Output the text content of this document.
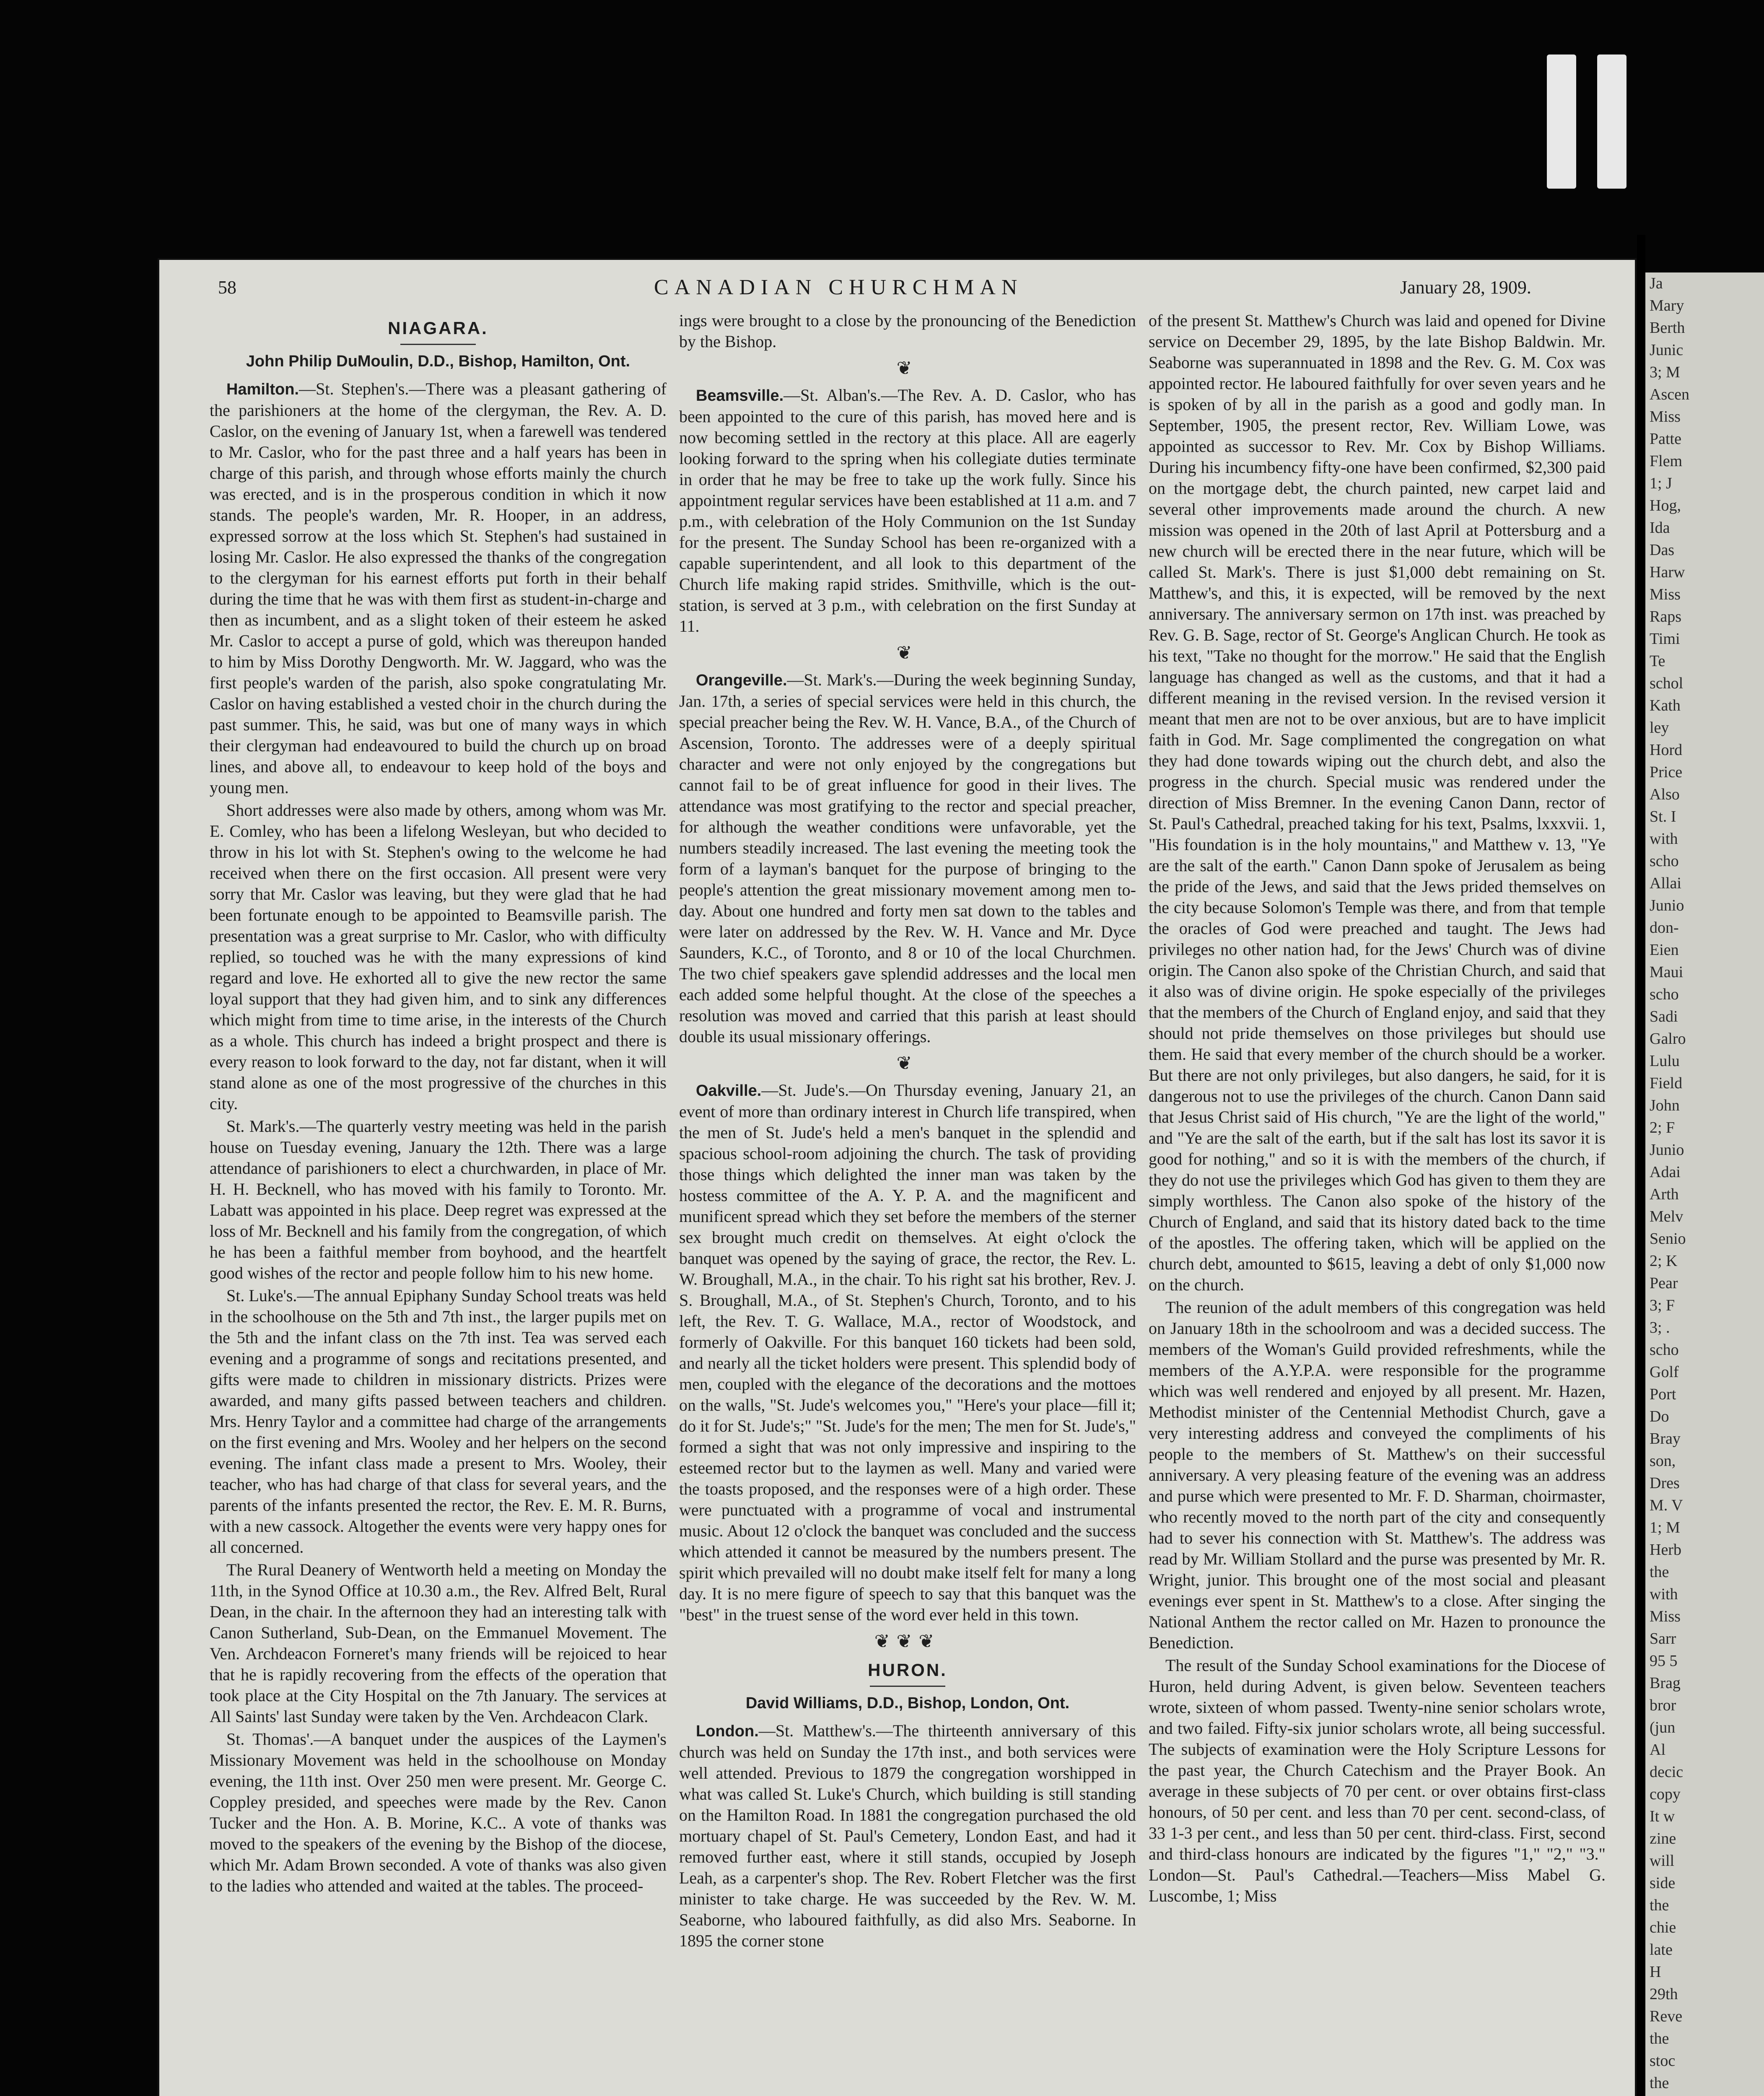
58	CANADIAN CHURCHMAN	January 28, 1909.

NIAGARA.

John Philip DuMoulin, D.D., Bishop, Hamilton, Ont.

Hamilton.—St. Stephen's.—There was a pleasant gathering of the parishioners at the home of the clergyman, the Rev. A. D. Caslor, on the evening of January 1st, when a farewell was tendered to Mr. Caslor, who for the past three and a half years has been in charge of this parish, and through whose efforts mainly the church was erected, and is in the prosperous condition in which it now stands. The people's warden, Mr. R. Hooper, in an address, expressed sorrow at the loss which St. Stephen's had sustained in losing Mr. Caslor. He also expressed the thanks of the congregation to the clergyman for his earnest efforts put forth in their behalf during the time that he was with them first as student-in-charge and then as incumbent, and as a slight token of their esteem he asked Mr. Caslor to accept a purse of gold, which was thereupon handed to him by Miss Dorothy Dengworth. Mr. W. Jaggard, who was the first people's warden of the parish, also spoke congratulating Mr. Caslor on having established a vested choir in the church during the past summer. This, he said, was but one of many ways in which their clergyman had endeavoured to build the church up on broad lines, and above all, to endeavour to keep hold of the boys and young men.

Short addresses were also made by others, among whom was Mr. E. Comley, who has been a lifelong Wesleyan, but who decided to throw in his lot with St. Stephen's owing to the welcome he had received when there on the first occasion. All present were very sorry that Mr. Caslor was leaving, but they were glad that he had been fortunate enough to be appointed to Beamsville parish. The presentation was a great surprise to Mr. Caslor, who with difficulty replied, so touched was he with the many expressions of kind regard and love. He exhorted all to give the new rector the same loyal support that they had given him, and to sink any differences which might from time to time arise, in the interests of the Church as a whole. This church has indeed a bright prospect and there is every reason to look forward to the day, not far distant, when it will stand alone as one of the most progressive of the churches in this city.

St. Mark's.—The quarterly vestry meeting was held in the parish house on Tuesday evening, January the 12th. There was a large attendance of parishioners to elect a churchwarden, in place of Mr. H. H. Becknell, who has moved with his family to Toronto. Mr. Labatt was appointed in his place. Deep regret was expressed at the loss of Mr. Becknell and his family from the congregation, of which he has been a faithful member from boyhood, and the heartfelt good wishes of the rector and people follow him to his new home.

St. Luke's.—The annual Epiphany Sunday School treats was held in the schoolhouse on the 5th and 7th inst., the larger pupils met on the 5th and the infant class on the 7th inst. Tea was served each evening and a programme of songs and recitations presented, and gifts were made to children in missionary districts. Prizes were awarded, and many gifts passed between teachers and children. Mrs. Henry Taylor and a committee had charge of the arrangements on the first evening and Mrs. Wooley and her helpers on the second evening. The infant class made a present to Mrs. Wooley, their teacher, who has had charge of that class for several years, and the parents of the infants presented the rector, the Rev. E. M. R. Burns, with a new cassock. Altogether the events were very happy ones for all concerned.

The Rural Deanery of Wentworth held a meeting on Monday the 11th, in the Synod Office at 10.30 a.m., the Rev. Alfred Belt, Rural Dean, in the chair. In the afternoon they had an interesting talk with Canon Sutherland, Sub-Dean, on the Emmanuel Movement. The Ven. Archdeacon Forneret's many friends will be rejoiced to hear that he is rapidly recovering from the effects of the operation that took place at the City Hospital on the 7th January. The services at All Saints' last Sunday were taken by the Ven. Archdeacon Clark.

St. Thomas'.—A banquet under the auspices of the Laymen's Missionary Movement was held in the schoolhouse on Monday evening, the 11th inst. Over 250 men were present. Mr. George C. Coppley presided, and speeches were made by the Rev. Canon Tucker and the Hon. A. B. Morine, K.C.. A vote of thanks was moved to the speakers of the evening by the Bishop of the diocese, which Mr. Adam Brown seconded. A vote of thanks was also given to the ladies who attended and waited at the tables. The proceed-

ings were brought to a close by the pronouncing of the Benediction by the Bishop.

❦

Beamsville.—St. Alban's.—The Rev. A. D. Caslor, who has been appointed to the cure of this parish, has moved here and is now becoming settled in the rectory at this place. All are eagerly looking forward to the spring when his collegiate duties terminate in order that he may be free to take up the work fully. Since his appointment regular services have been established at 11 a.m. and 7 p.m., with celebration of the Holy Communion on the 1st Sunday for the present. The Sunday School has been re-organized with a capable superintendent, and all look to this department of the Church life making rapid strides. Smithville, which is the out-station, is served at 3 p.m., with celebration on the first Sunday at 11.

❦

Orangeville.—St. Mark's.—During the week beginning Sunday, Jan. 17th, a series of special services were held in this church, the special preacher being the Rev. W. H. Vance, B.A., of the Church of Ascension, Toronto. The addresses were of a deeply spiritual character and were not only enjoyed by the congregations but cannot fail to be of great influence for good in their lives. The attendance was most gratifying to the rector and special preacher, for although the weather conditions were unfavorable, yet the numbers steadily increased. The last evening the meeting took the form of a layman's banquet for the purpose of bringing to the people's attention the great missionary movement among men to-day. About one hundred and forty men sat down to the tables and were later on addressed by the Rev. W. H. Vance and Mr. Dyce Saunders, K.C., of Toronto, and 8 or 10 of the local Churchmen. The two chief speakers gave splendid addresses and the local men each added some helpful thought. At the close of the speeches a resolution was moved and carried that this parish at least should double its usual missionary offerings.

❦

Oakville.—St. Jude's.—On Thursday evening, January 21, an event of more than ordinary interest in Church life transpired, when the men of St. Jude's held a men's banquet in the splendid and spacious school-room adjoining the church. The task of providing those things which delighted the inner man was taken by the hostess committee of the A. Y. P. A. and the magnificent and munificent spread which they set before the members of the sterner sex brought much credit on themselves. At eight o'clock the banquet was opened by the saying of grace, the rector, the Rev. L. W. Broughall, M.A., in the chair. To his right sat his brother, Rev. J. S. Broughall, M.A., of St. Stephen's Church, Toronto, and to his left, the Rev. T. G. Wallace, M.A., rector of Woodstock, and formerly of Oakville. For this banquet 160 tickets had been sold, and nearly all the ticket holders were present. This splendid body of men, coupled with the elegance of the decorations and the mottoes on the walls, "St. Jude's welcomes you," "Here's your place—fill it; do it for St. Jude's;" "St. Jude's for the men; The men for St. Jude's," formed a sight that was not only impressive and inspiring to the esteemed rector but to the laymen as well. Many and varied were the toasts proposed, and the responses were of a high order. These were punctuated with a programme of vocal and instrumental music. About 12 o'clock the banquet was concluded and the success which attended it cannot be measured by the numbers present. The spirit which prevailed will no doubt make itself felt for many a long day. It is no mere figure of speech to say that this banquet was the "best" in the truest sense of the word ever held in this town.

❦❦❦

HURON.

David Williams, D.D., Bishop, London, Ont.

London.—St. Matthew's.—The thirteenth anniversary of this church was held on Sunday the 17th inst., and both services were well attended. Previous to 1879 the congregation worshipped in what was called St. Luke's Church, which building is still standing on the Hamilton Road. In 1881 the congregation purchased the old mortuary chapel of St. Paul's Cemetery, London East, and had it removed further east, where it still stands, occupied by Joseph Leah, as a carpenter's shop. The Rev. Robert Fletcher was the first minister to take charge. He was succeeded by the Rev. W. M. Seaborne, who laboured faithfully, as did also Mrs. Seaborne. In 1895 the corner stone

of the present St. Matthew's Church was laid and opened for Divine service on December 29, 1895, by the late Bishop Baldwin. Mr. Seaborne was superannuated in 1898 and the Rev. G. M. Cox was appointed rector. He laboured faithfully for over seven years and he is spoken of by all in the parish as a good and godly man. In September, 1905, the present rector, Rev. William Lowe, was appointed as successor to Rev. Mr. Cox by Bishop Williams. During his incumbency fifty-one have been confirmed, $2,300 paid on the mortgage debt, the church painted, new carpet laid and several other improvements made around the church. A new mission was opened in the 20th of last April at Pottersburg and a new church will be erected there in the near future, which will be called St. Mark's. There is just $1,000 debt remaining on St. Matthew's, and this, it is expected, will be removed by the next anniversary. The anniversary sermon on 17th inst. was preached by Rev. G. B. Sage, rector of St. George's Anglican Church. He took as his text, "Take no thought for the morrow." He said that the English language has changed as well as the customs, and that it had a different meaning in the revised version. In the revised version it meant that men are not to be over anxious, but are to have implicit faith in God. Mr. Sage complimented the congregation on what they had done towards wiping out the church debt, and also the progress in the church. Special music was rendered under the direction of Miss Bremner. In the evening Canon Dann, rector of St. Paul's Cathedral, preached taking for his text, Psalms, lxxxvii. 1, "His foundation is in the holy mountains," and Matthew v. 13, "Ye are the salt of the earth." Canon Dann spoke of Jerusalem as being the pride of the Jews, and said that the Jews prided themselves on the city because Solomon's Temple was there, and from that temple the oracles of God were preached and taught. The Jews had privileges no other nation had, for the Jews' Church was of divine origin. The Canon also spoke of the Christian Church, and said that it also was of divine origin. He spoke especially of the privileges that the members of the Church of England enjoy, and said that they should not pride themselves on those privileges but should use them. He said that every member of the church should be a worker. But there are not only privileges, but also dangers, he said, for it is dangerous not to use the privileges of the church. Canon Dann said that Jesus Christ said of His church, "Ye are the light of the world," and "Ye are the salt of the earth, but if the salt has lost its savor it is good for nothing," and so it is with the members of the church, if they do not use the privileges which God has given to them they are simply worthless. The Canon also spoke of the history of the Church of England, and said that its history dated back to the time of the apostles. The offering taken, which will be applied on the church debt, amounted to $615, leaving a debt of only $1,000 now on the church.

The reunion of the adult members of this congregation was held on January 18th in the schoolroom and was a decided success. The members of the Woman's Guild provided refreshments, while the members of the A.Y.P.A. were responsible for the programme which was well rendered and enjoyed by all present. Mr. Hazen, Methodist minister of the Centennial Methodist Church, gave a very interesting address and conveyed the compliments of his people to the members of St. Matthew's on their successful anniversary. A very pleasing feature of the evening was an address and purse which were presented to Mr. F. D. Sharman, choirmaster, who recently moved to the north part of the city and consequently had to sever his connection with St. Matthew's. The address was read by Mr. William Stollard and the purse was presented by Mr. R. Wright, junior. This brought one of the most social and pleasant evenings ever spent in St. Matthew's to a close. After singing the National Anthem the rector called on Mr. Hazen to pronounce the Benediction.

The result of the Sunday School examinations for the Diocese of Huron, held during Advent, is given below. Seventeen teachers wrote, sixteen of whom passed. Twenty-nine senior scholars wrote, and two failed. Fifty-six junior scholars wrote, all being successful. The subjects of examination were the Holy Scripture Lessons for the past year, the Church Catechism and the Prayer Book. An average in these subjects of 70 per cent. or over obtains first-class honours, of 50 per cent. and less than 70 per cent. second-class, of 33 1-3 per cent., and less than 50 per cent. third-class. First, second and third-class honours are indicated by the figures "1," "2," "3." London—St. Paul's Cathedral.—Teachers—Miss Mabel G. Luscombe, 1; Miss

Ja
Mary
Berth
Junic
3; M
Ascen
Miss
Patte
Flem
1; J
Hog,
Ida
Das
Harw
Miss
Raps
Timi
Te
schol
Kath
ley
Hord
Price
Also
St. I
with
scho
Allai
Junio
don-
Eien
Maui
scho
Sadi
Galro
Lulu
Field
John
2; F
Junio
Adai
Arth
Melv
Senio
2; K
Pear
3; F
3; .
scho
Golf
Port
Do
Bray
son,
Dres
M. V
1; M
Herb
the
with
Miss
Sarr
95 5
Brag
bror
(jun
Al
decic
copy
It w
zine
will
side
the
chie
late
H
29th
Reve
the
stoc
the
